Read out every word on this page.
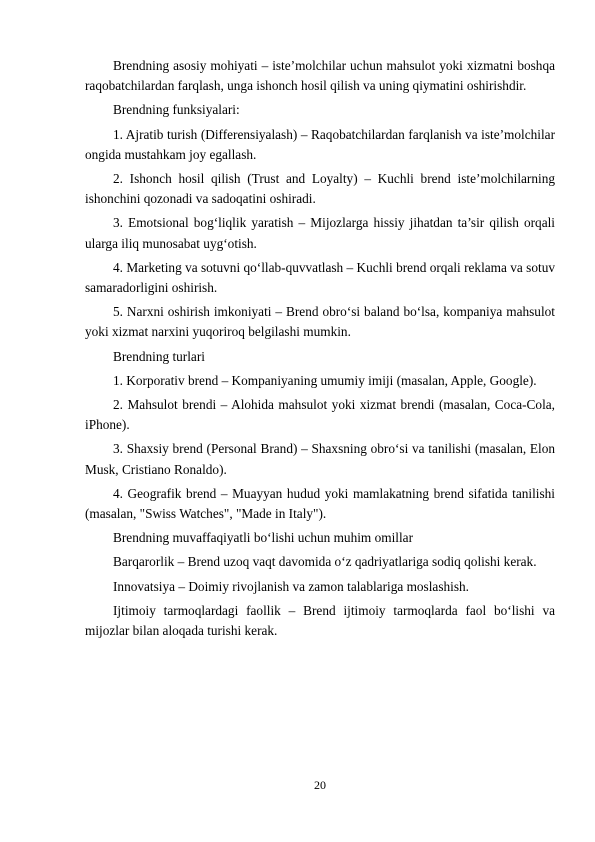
Brendning asosiy mohiyati – iste’molchilar uchun mahsulot yoki xizmatni boshqa raqobatchilardan farqlash, unga ishonch hosil qilish va uning qiymatini oshirishdir.

Brendning funksiyalari:

1. Ajratib turish (Differensiyalash) – Raqobatchilardan farqlanish va iste’molchilar ongida mustahkam joy egallash.

2. Ishonch hosil qilish (Trust and Loyalty) – Kuchli brend iste’molchilarning ishonchini qozonadi va sadoqatini oshiradi.

3. Emotsional bog‘liqlik yaratish – Mijozlarga hissiy jihatdan ta’sir qilish orqali ularga iliq munosabat uyg‘otish.

4. Marketing va sotuvni qo‘llab-quvvatlash – Kuchli brend orqali reklama va sotuv samaradorligini oshirish.

5. Narxni oshirish imkoniyati – Brend obro‘si baland bo‘lsa, kompaniya mahsulot yoki xizmat narxini yuqoriroq belgilashi mumkin.

Brendning turlari

1. Korporativ brend – Kompaniyaning umumiy imiji (masalan, Apple, Google).

2. Mahsulot brendi – Alohida mahsulot yoki xizmat brendi (masalan, Coca-Cola, iPhone).

3. Shaxsiy brend (Personal Brand) – Shaxsning obro‘si va tanilishi (masalan, Elon Musk, Cristiano Ronaldo).

4. Geografik brend – Muayyan hudud yoki mamlakatning brend sifatida tanilishi (masalan, "Swiss Watches", "Made in Italy").

Brendning muvaffaqiyatli bo‘lishi uchun muhim omillar

Barqarorlik – Brend uzoq vaqt davomida o‘z qadriyatlariga sodiq qolishi kerak.

Innovatsiya – Doimiy rivojlanish va zamon talablariga moslashish.

Ijtimoiy tarmoqlardagi faollik – Brend ijtimoiy tarmoqlarda faol bo‘lishi va mijozlar bilan aloqada turishi kerak.

20
